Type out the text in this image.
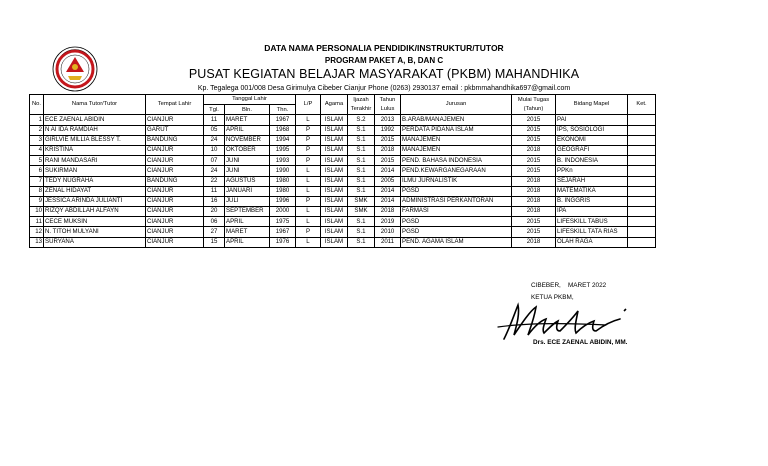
DATA NAMA PERSONALIA PENDIDIK/INSTRUKTUR/TUTOR
PROGRAM PAKET A, B, DAN C
PUSAT KEGIATAN BELAJAR MASYARAKAT (PKBM) MAHANDHIKA
Kp. Tegalega 001/008 Desa Girimulya Cibeber Cianjur Phone (0263) 2930137 email : pkbmmahandhika697@gmail.com
No.	Nama Tutor/Tutor	Tempat Lahir	Tanggal Lahir			L/P	Agama	Ijazah Terakhir	Tahun Lulus	Jurusan	Mulai Tugas (Tahun)	Bidang Mapel	Ket.
			Tgl.	Bln.	Thn.								
1	ECE ZAENAL ABIDIN	CIANJUR	11	MARET	1967	L	ISLAM	S.2	2013	B.ARAB/MANAJEMEN	2015	PAI	
2	N AI IDA RAMDIAH	GARUT	05	APRIL	1968	P	ISLAM	S.1	1992	PERDATA PIDANA ISLAM	2015	IPS, SOSIOLOGI	
3	GIRLVIE MILLIA BLESSY T.	BANDUNG	24	NOVEMBER	1994	P	ISLAM	S.1	2015	MANAJEMEN	2015	EKONOMI	
4	KRISTINA	CIANJUR	10	OKTOBER	1995	P	ISLAM	S.1	2018	MANAJEMEN	2018	GEOGRAFI	
5	RANI MANDASARI	CIANJUR	07	JUNI	1993	P	ISLAM	S.1	2015	PEND. BAHASA INDONESIA	2015	B. INDONESIA	
6	SUKIRMAN	CIANJUR	24	JUNI	1990	L	ISLAM	S.1	2014	PEND.KEWARGANEGARAAN	2015	PPKn	
7	TEDY NUGRAHA	BANDUNG	22	AGUSTUS	1980	L	ISLAM	S.1	2005	ILMU JURNALISTIK	2018	SEJARAH	
8	ZENAL HIDAYAT	CIANJUR	11	JANUARI	1980	L	ISLAM	S.1	2014	PGSD	2018	MATEMATIKA	
9	JESSICA ARINDA JULIANTI	CIANJUR	16	JULI	1996	P	ISLAM	SMK	2014	ADMINISTRASI PERKANTORAN	2018	B. INGGRIS	
10	RIZQY ABDILLAH ALFAYN	CIANJUR	20	SEPTEMBER	2000	L	ISLAM	SMK	2018	FARMASI	2018	IPA	
11	CECE MUKSIN	CIANJUR	06	APRIL	1975	L	ISLAM	S.1	2019	PGSD	2015	LIFESKILL TABUS	
12	N. TITOH MULYANI	CIANJUR	27	MARET	1967	P	ISLAM	S.1	2010	PGSD	2015	LIFESKILL TATA RIAS	
13	SURYANA	CIANJUR	15	APRIL	1976	L	ISLAM	S.1	2011	PEND. AGAMA ISLAM	2018	OLAH RAGA	
CIBEBER, MARET 2022
KETUA PKBM,
Drs. ECE ZAENAL ABIDIN, MM.
